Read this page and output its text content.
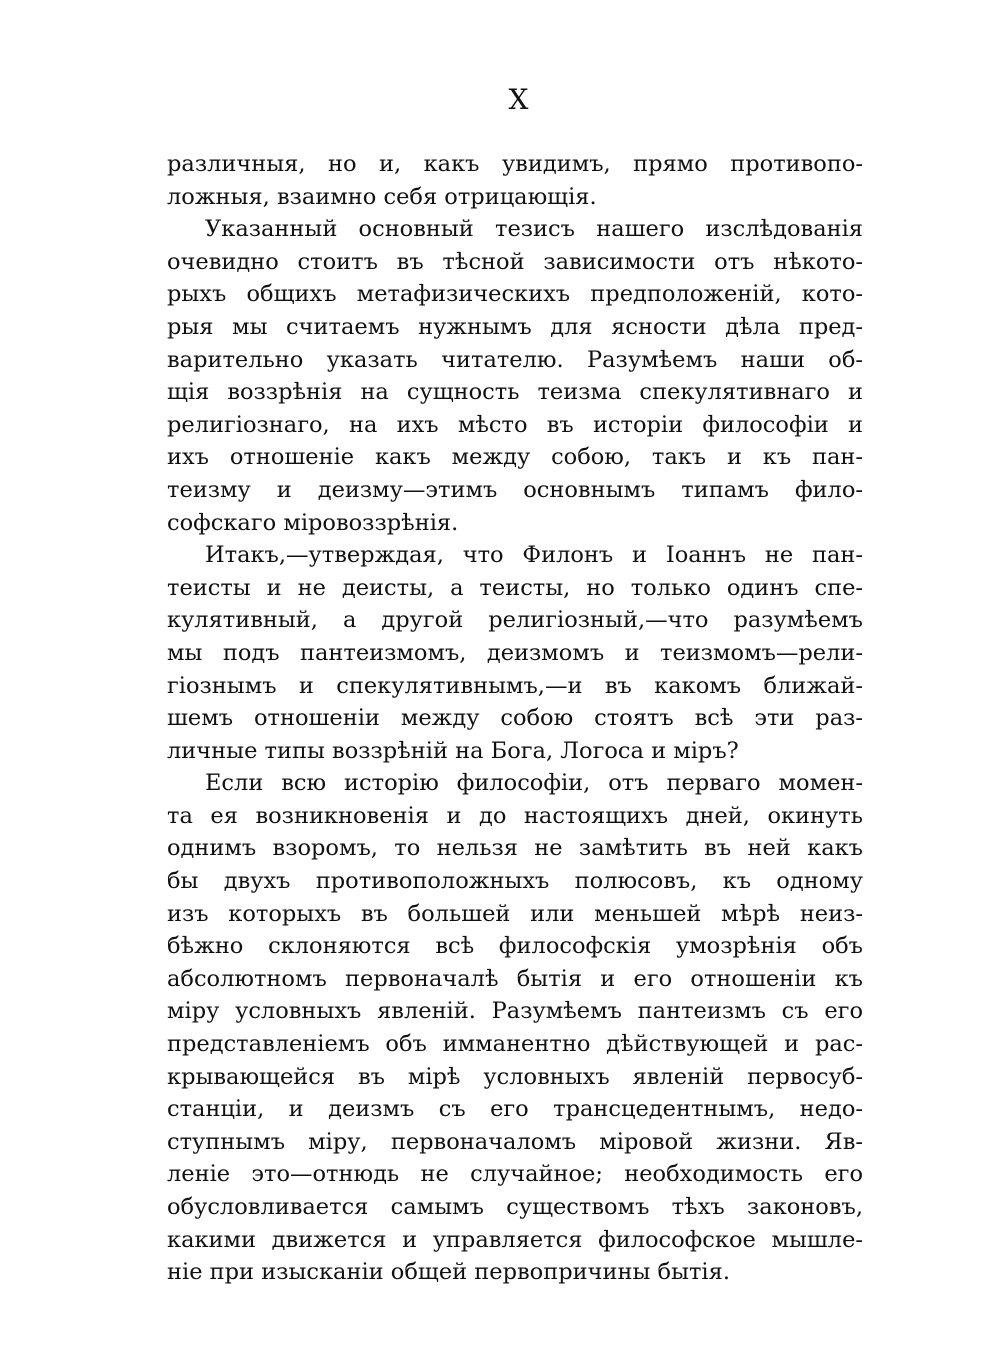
X
различныя, но и, какъ увидимъ, прямо противопо-
ложныя, взаимно себя отрицающія.
Указанный основный тезисъ нашего изслѣдованія
очевидно стоитъ въ тѣсной зависимости отъ нѣкото-
рыхъ общихъ метафизическихъ предположеній, кото-
рыя мы считаемъ нужнымъ для ясности дѣла пред-
варительно указать читателю. Разумѣемъ наши об-
щія воззрѣнія на сущность теизма спекулятивнаго и
религіознаго, на ихъ мѣсто въ исторіи философіи и
ихъ отношеніе какъ между собою, такъ и къ пан-
теизму и деизму—этимъ основнымъ типамъ фило-
софскаго міровоззрѣнія.
Итакъ,—утверждая, что Филонъ и Іоаннъ не пан-
теисты и не деисты, а теисты, но только одинъ спе-
кулятивный, а другой религіозный,—что разумѣемъ
мы подъ пантеизмомъ, деизмомъ и теизмомъ—рели-
гіознымъ и спекулятивнымъ,—и въ какомъ ближай-
шемъ отношеніи между собою стоятъ всѣ эти раз-
личные типы воззрѣній на Бога, Логоса и міръ?
Если всю исторію философіи, отъ перваго момен-
та ея возникновенія и до настоящихъ дней, окинуть
однимъ взоромъ, то нельзя не замѣтить въ ней какъ
бы двухъ противоположныхъ полюсовъ, къ одному
изъ которыхъ въ большей или меньшей мѣрѣ неиз-
бѣжно склоняются всѣ философскія умозрѣнія объ
абсолютномъ первоначалѣ бытія и его отношеніи къ
міру условныхъ явленій. Разумѣемъ пантеизмъ съ его
представленіемъ объ имманентно дѣйствующей и рас-
крывающейся въ мірѣ условныхъ явленій первосуб-
станціи, и деизмъ съ его трансцедентнымъ, недо-
ступнымъ міру, первоначаломъ міровой жизни. Яв-
леніе это—отнюдь не случайное; необходимость его
обусловливается самымъ существомъ тѣхъ законовъ,
какими движется и управляется философское мышле-
ніе при изысканіи общей первопричины бытія.
